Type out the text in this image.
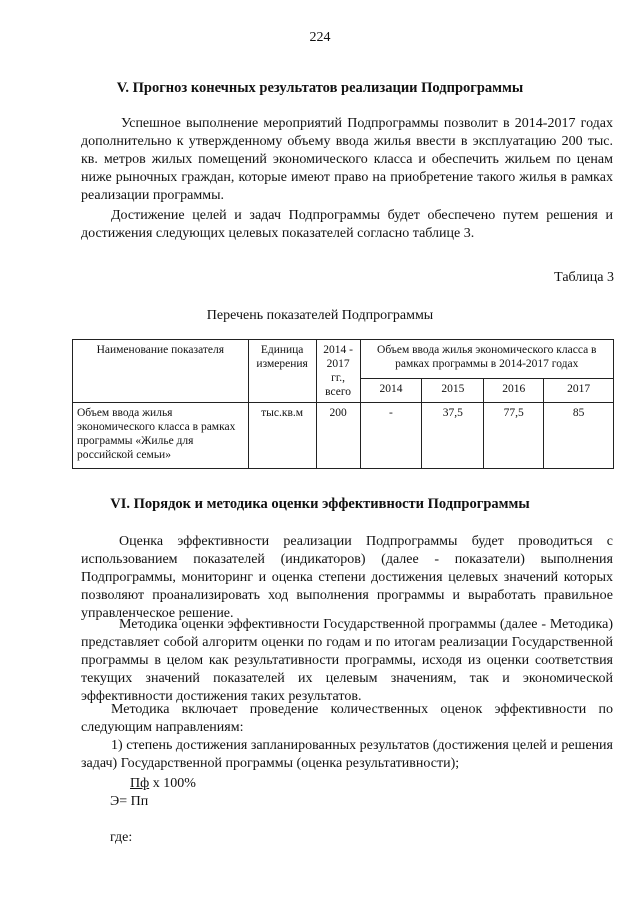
224
V. Прогноз конечных результатов реализации Подпрограммы

Успешное выполнение мероприятий Подпрограммы позволит в 2014-2017 годах дополнительно к утвержденному объему ввода жилья ввести в эксплуатацию 200 тыс. кв. метров жилых помещений экономического класса и обеспечить жильем по ценам ниже рыночных граждан, которые имеют право на приобретение такого жилья в рамках реализации программы.

Достижение целей и задач Подпрограммы будет обеспечено путем решения и достижения следующих целевых показателей согласно таблице 3.

Таблица 3
Перечень показателей Подпрограммы
Наименование показателя	Единица измерения	2014 - 2017 гг., всего	Объем ввода жилья экономического класса в рамках программы в 2014-2017 годах			
			2014	2015	2016	2017
Объем ввода жилья экономического класса в рамках программы «Жилье для российской семьи»	тыс.кв.м	200	-	37,5	77,5	85
VI. Порядок и методика оценки эффективности Подпрограммы

Оценка эффективности реализации Подпрограммы будет проводиться с использованием показателей (индикаторов) (далее - показатели) выполнения Подпрограммы, мониторинг и оценка степени достижения целевых значений которых позволяют проанализировать ход выполнения программы и выработать правильное управленческое решение.

Методика оценки эффективности Государственной программы (далее - Методика) представляет собой алгоритм оценки по годам и по итогам реализации Государственной программы в целом как результативности программы, исходя из оценки соответствия текущих значений показателей их целевым значениям, так и экономической эффективности достижения таких результатов.

Методика включает проведение количественных оценок эффективности по следующим направлениям:

1) степень достижения запланированных результатов (достижения целей и решения задач) Государственной программы (оценка результативности);

Пф x 100%
Э= Пп
где:
